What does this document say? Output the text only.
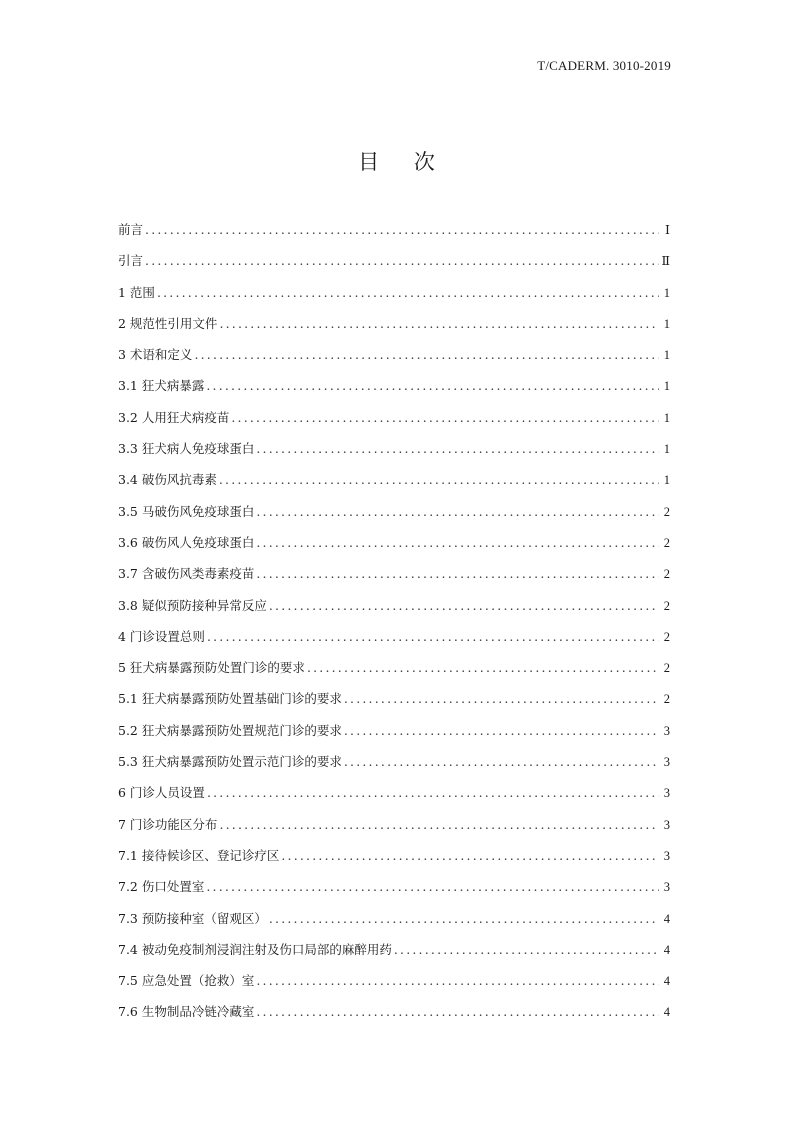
T/CADERM. 3010-2019
目 次
前言 .....	Ⅰ
引言 .....	Ⅱ
1 范围 .....	1
2 规范性引用文件 .....	1
3 术语和定义 .....	1
3.1 狂犬病暴露 .....	1
3.2 人用狂犬病疫苗 .....	1
3.3 狂犬病人免疫球蛋白 .....	1
3.4 破伤风抗毒素 .....	1
3.5 马破伤风免疫球蛋白 .....	2
3.6 破伤风人免疫球蛋白 .....	2
3.7 含破伤风类毒素疫苗 .....	2
3.8 疑似预防接种异常反应 .....	2
4 门诊设置总则 .....	2
5 狂犬病暴露预防处置门诊的要求 .....	2
5.1 狂犬病暴露预防处置基础门诊的要求 .....	2
5.2 狂犬病暴露预防处置规范门诊的要求 .....	3
5.3 狂犬病暴露预防处置示范门诊的要求 .....	3
6 门诊人员设置 .....	3
7 门诊功能区分布 .....	3
7.1 接待候诊区、登记诊疗区 .....	3
7.2 伤口处置室 .....	3
7.3 预防接种室（留观区） .....	4
7.4 被动免疫制剂浸润注射及伤口局部的麻醉用药 .....	4
7.5 应急处置（抢救）室 .....	4
7.6 生物制品冷链冷藏室 .....	4
